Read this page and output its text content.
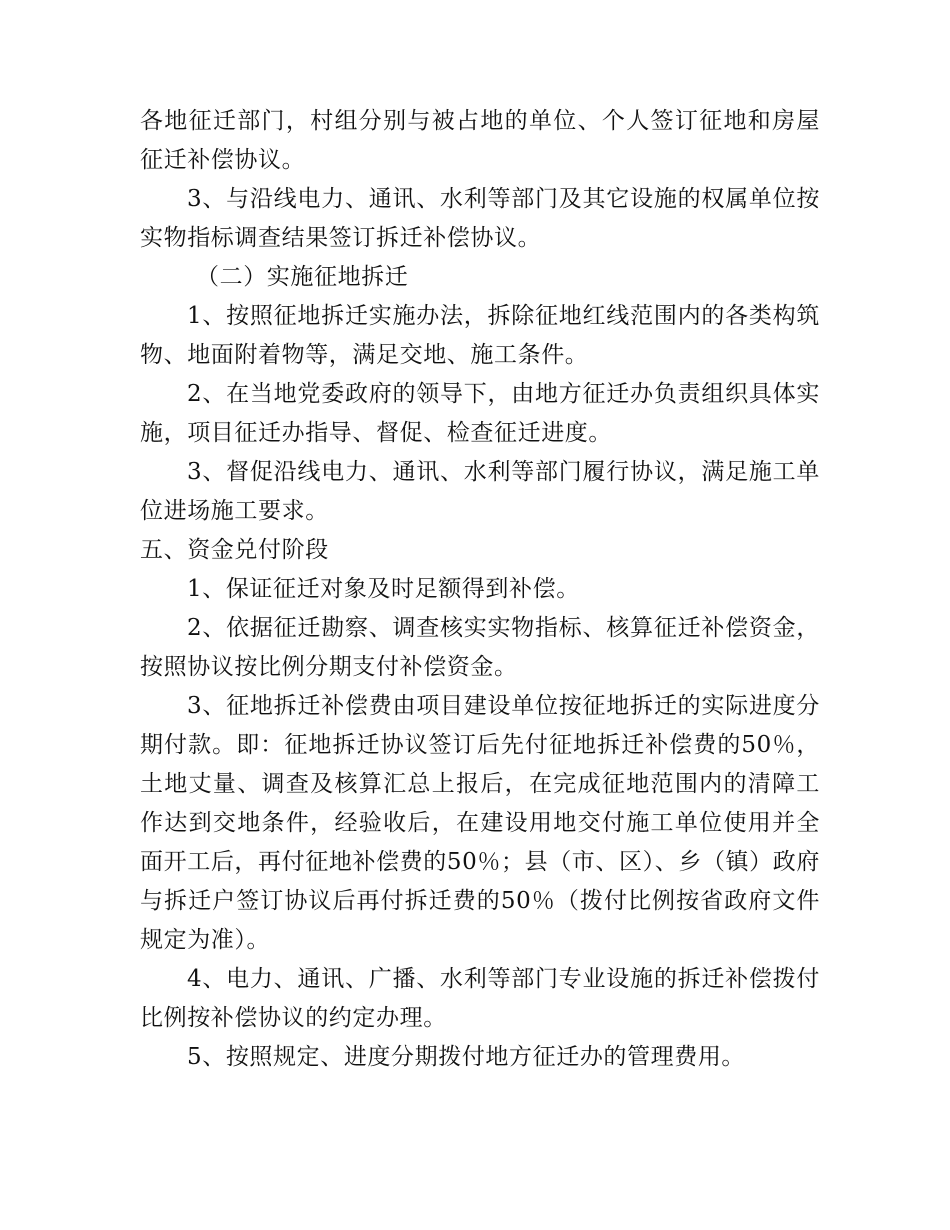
各地征迁部门，村组分别与被占地的单位、个人签订征地和房屋征迁补偿协议。

3、与沿线电力、通讯、水利等部门及其它设施的权属单位按实物指标调查结果签订拆迁补偿协议。

（二）实施征地拆迁

1、按照征地拆迁实施办法，拆除征地红线范围内的各类构筑物、地面附着物等，满足交地、施工条件。

2、在当地党委政府的领导下，由地方征迁办负责组织具体实施，项目征迁办指导、督促、检查征迁进度。

3、督促沿线电力、通讯、水利等部门履行协议，满足施工单位进场施工要求。

五、资金兑付阶段

1、保证征迁对象及时足额得到补偿。

2、依据征迁勘察、调查核实实物指标、核算征迁补偿资金，按照协议按比例分期支付补偿资金。

3、征地拆迁补偿费由项目建设单位按征地拆迁的实际进度分期付款。即：征地拆迁协议签订后先付征地拆迁补偿费的50％，土地丈量、调查及核算汇总上报后，在完成征地范围内的清障工作达到交地条件，经验收后，在建设用地交付施工单位使用并全面开工后，再付征地补偿费的50％；县（市、区）、乡（镇）政府与拆迁户签订协议后再付拆迁费的50％（拨付比例按省政府文件规定为准）。

4、电力、通讯、广播、水利等部门专业设施的拆迁补偿拨付比例按补偿协议的约定办理。

5、按照规定、进度分期拨付地方征迁办的管理费用。
